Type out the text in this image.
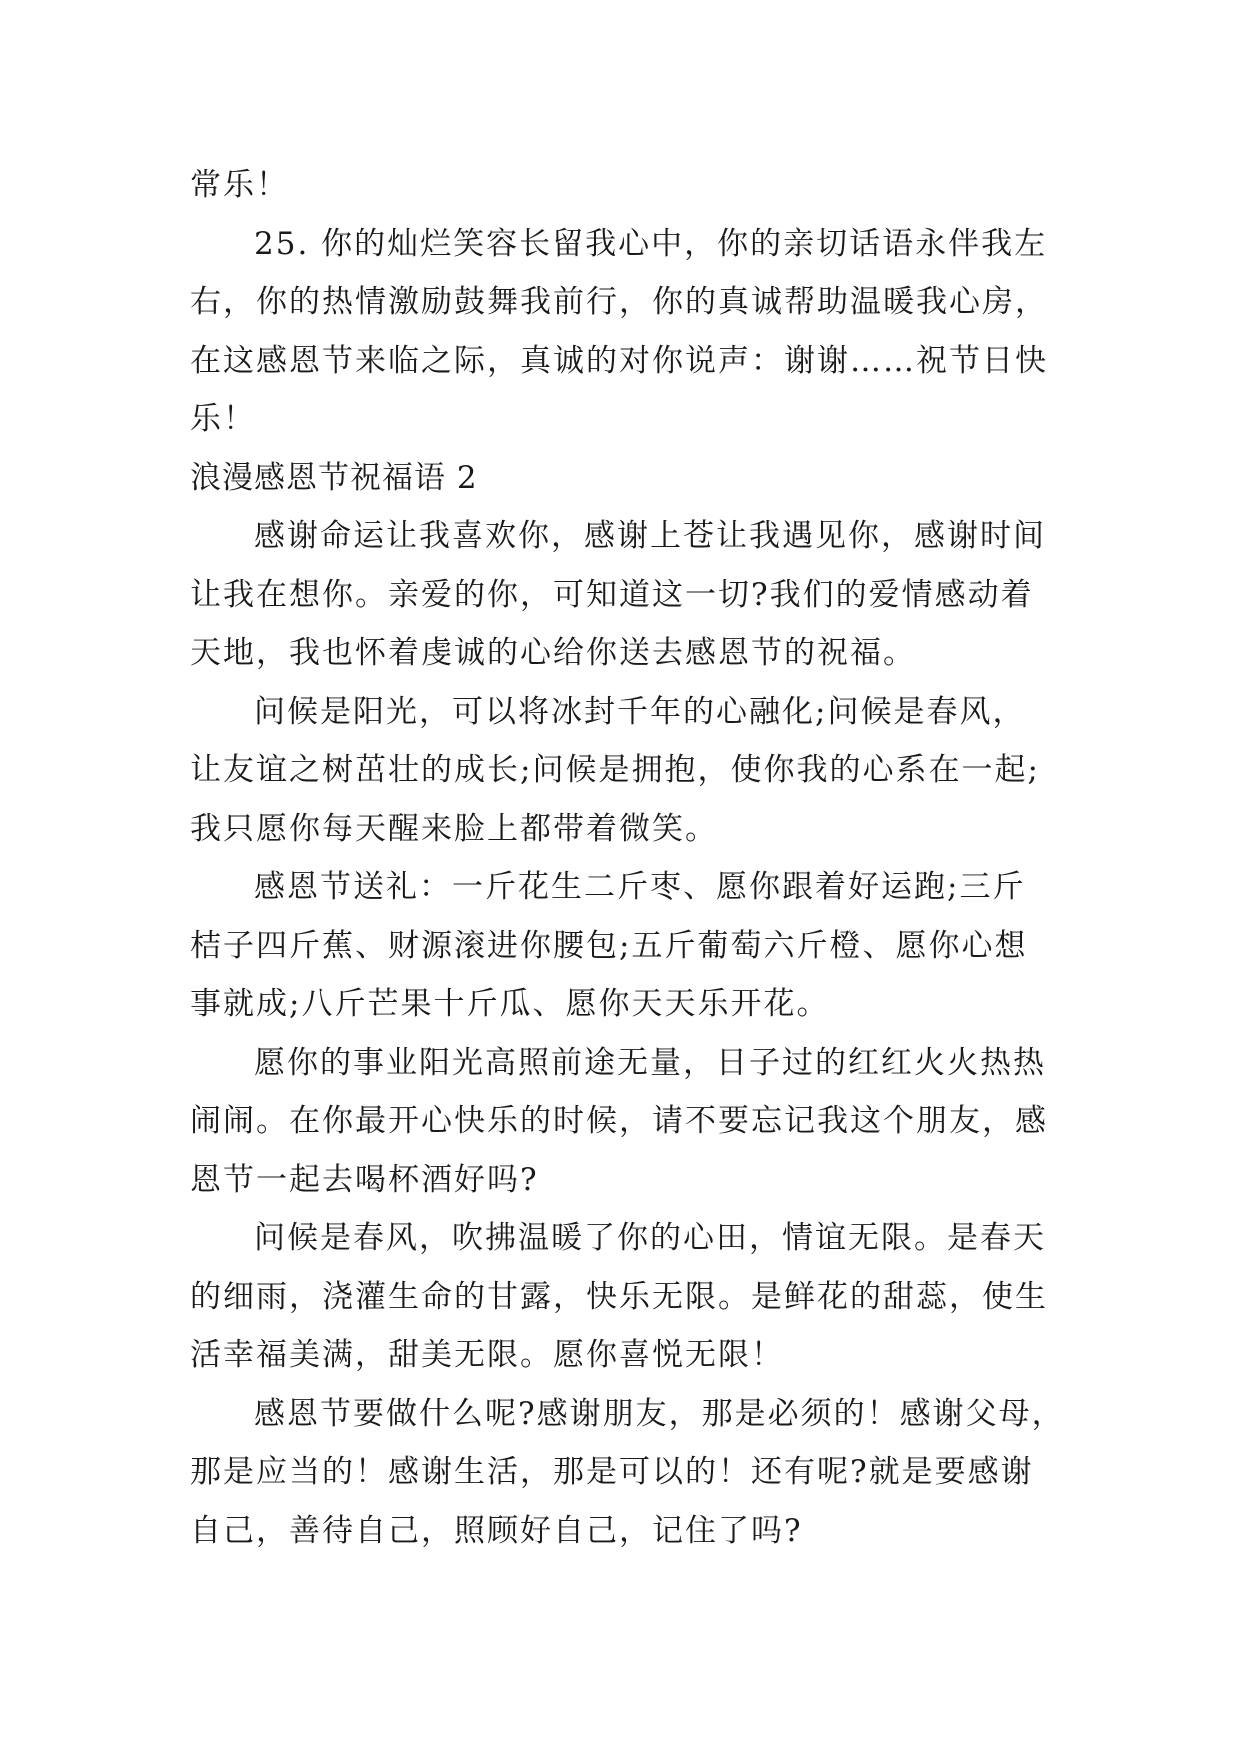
常乐！
25. 你的灿烂笑容长留我心中，你的亲切话语永伴我左
右，你的热情激励鼓舞我前行，你的真诚帮助温暖我心房，
在这感恩节来临之际，真诚的对你说声：谢谢……祝节日快
乐！
浪漫感恩节祝福语 2
感谢命运让我喜欢你，感谢上苍让我遇见你，感谢时间
让我在想你。亲爱的你，可知道这一切?我们的爱情感动着
天地，我也怀着虔诚的心给你送去感恩节的祝福。
问候是阳光，可以将冰封千年的心融化;问候是春风，
让友谊之树茁壮的成长;问候是拥抱，使你我的心系在一起;
我只愿你每天醒来脸上都带着微笑。
感恩节送礼：一斤花生二斤枣、愿你跟着好运跑;三斤
桔子四斤蕉、财源滚进你腰包;五斤葡萄六斤橙、愿你心想
事就成;八斤芒果十斤瓜、愿你天天乐开花。
愿你的事业阳光高照前途无量，日子过的红红火火热热
闹闹。在你最开心快乐的时候，请不要忘记我这个朋友，感
恩节一起去喝杯酒好吗?
问候是春风，吹拂温暖了你的心田，情谊无限。是春天
的细雨，浇灌生命的甘露，快乐无限。是鲜花的甜蕊，使生
活幸福美满，甜美无限。愿你喜悦无限！
感恩节要做什么呢?感谢朋友，那是必须的！感谢父母，
那是应当的！感谢生活，那是可以的！还有呢?就是要感谢
自己，善待自己，照顾好自己，记住了吗?
